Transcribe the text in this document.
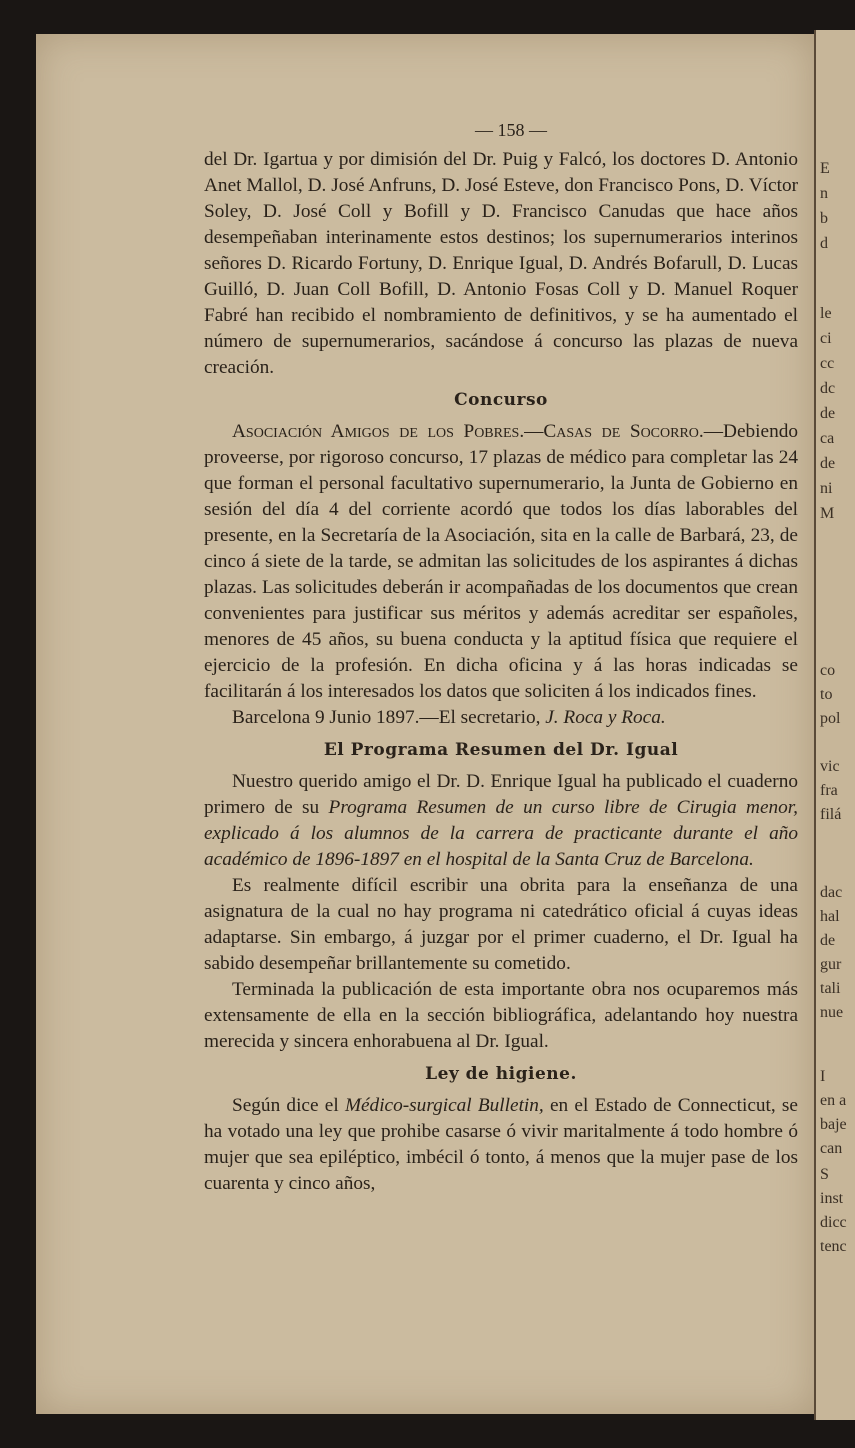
E
n
b
d
le
ci
cc
dc
de
ca
de
ni
M
co
to
pol
vic
fra
filá
dac
hal
de
gur
tali
nue
I
en a
baje
can
S
inst
dicc
tenc
— 158 —

del Dr. Igartua y por dimisión del Dr. Puig y Falcó, los doctores D. Antonio Anet Mallol, D. José Anfruns, D. José Esteve, don Francisco Pons, D. Víctor Soley, D. José Coll y Bofill y D. Francisco Canudas que hace años desempeñaban interinamente estos destinos; los supernumerarios interinos señores D. Ricardo Fortuny, D. Enrique Igual, D. Andrés Bofarull, D. Lucas Guilló, D. Juan Coll Bofill, D. Antonio Fosas Coll y D. Manuel Roquer Fabré han recibido el nombramiento de definitivos, y se ha aumentado el número de supernumerarios, sacándose á concurso las plazas de nueva creación.

Concurso

Asociación Amigos de los Pobres.—Casas de Socorro.—Debiendo proveerse, por rigoroso concurso, 17 plazas de médico para completar las 24 que forman el personal facultativo supernumerario, la Junta de Gobierno en sesión del día 4 del corriente acordó que todos los días laborables del presente, en la Secretaría de la Asociación, sita en la calle de Barbará, 23, de cinco á siete de la tarde, se admitan las solicitudes de los aspirantes á dichas plazas. Las solicitudes deberán ir acompañadas de los documentos que crean convenientes para justificar sus méritos y además acreditar ser españoles, menores de 45 años, su buena conducta y la aptitud física que requiere el ejercicio de la profesión. En dicha oficina y á las horas indicadas se facilitarán á los interesados los datos que soliciten á los indicados fines.

Barcelona 9 Junio 1897.—El secretario, J. Roca y Roca.

El Programa Resumen del Dr. Igual

Nuestro querido amigo el Dr. D. Enrique Igual ha publicado el cuaderno primero de su Programa Resumen de un curso libre de Cirugia menor, explicado á los alumnos de la carrera de practicante durante el año académico de 1896-1897 en el hospital de la Santa Cruz de Barcelona.

Es realmente difícil escribir una obrita para la enseñanza de una asignatura de la cual no hay programa ni catedrático oficial á cuyas ideas adaptarse. Sin embargo, á juzgar por el primer cuaderno, el Dr. Igual ha sabido desempeñar brillantemente su cometido.

Terminada la publicación de esta importante obra nos ocuparemos más extensamente de ella en la sección bibliográfica, adelantando hoy nuestra merecida y sincera enhorabuena al Dr. Igual.

Ley de higiene.

Según dice el Médico-surgical Bulletin, en el Estado de Connecticut, se ha votado una ley que prohibe casarse ó vivir maritalmente á todo hombre ó mujer que sea epiléptico, imbécil ó tonto, á menos que la mujer pase de los cuarenta y cinco años,
